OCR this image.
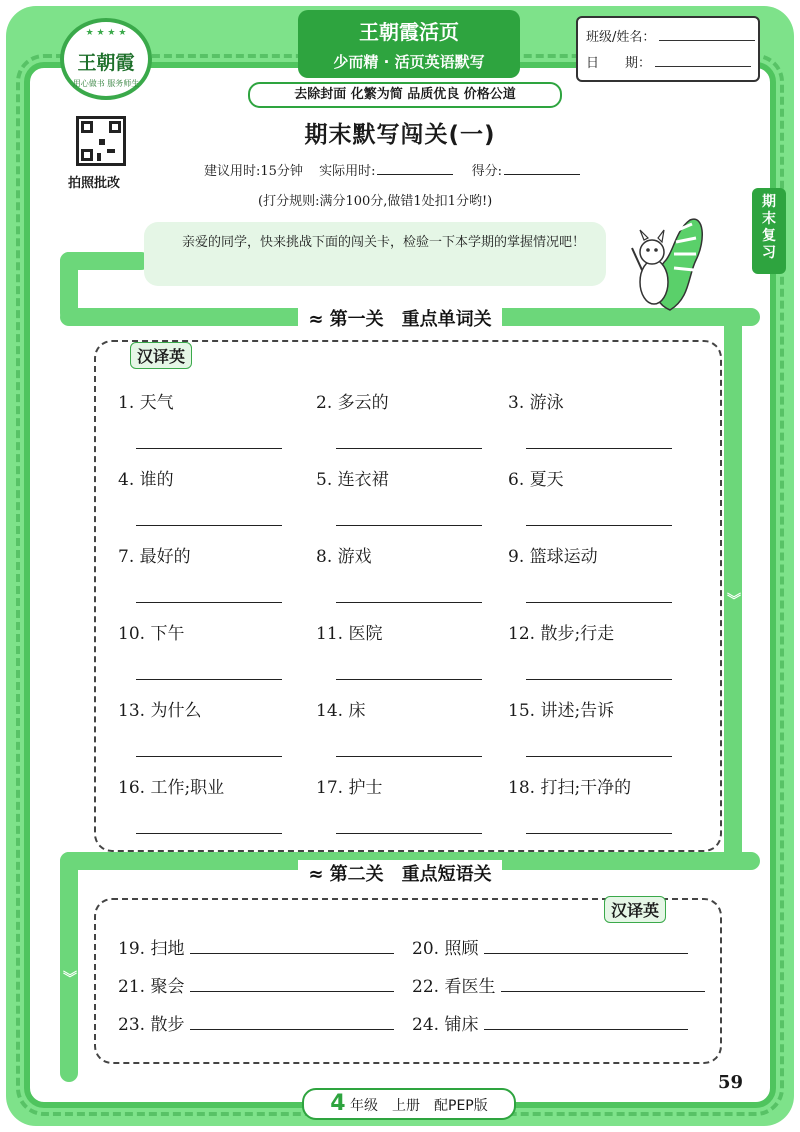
★ ★ ★ ★
王朝霞
用心做书 服务师生
王朝霞活页
少而精 · 活页英语默写
班级/姓名：
日　　期：
去除封面 化繁为简 品质优良 价格公道
拍照批改
期末默写闯关(一)
建议用时:15分钟 实际用时:	得分:
(打分规则:满分100分,做错1处扣1分哟!)
︾
︾
亲爱的同学，快来挑战下面的闯关卡，检验一下本学期的掌握情况吧！
期末复习
≈ 第一关　重点单词关
汉译英
1. 天气	2. 多云的	3. 游泳
4. 谁的	5. 连衣裙	6. 夏天
7. 最好的	8. 游戏	9. 篮球运动
10. 下午	11. 医院	12. 散步;行走
13. 为什么	14. 床	15. 讲述;告诉
16. 工作;职业	17. 护士	18. 打扫;干净的
≈ 第二关　重点短语关
汉译英
19. 扫地	20. 照顾
21. 聚会	22. 看医生
23. 散步	24. 铺床
4 年级　上册　配PEP版
59
